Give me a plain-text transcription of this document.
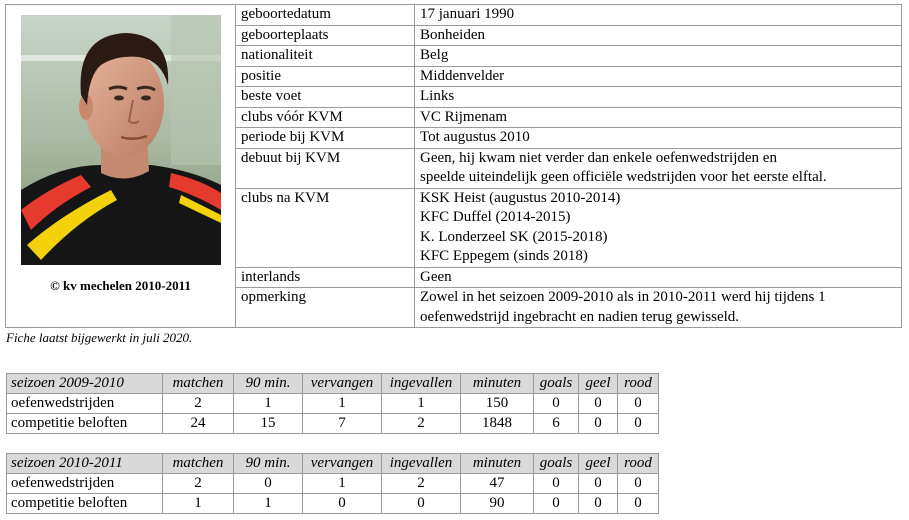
© kv mechelen 2010-2011	geboortedatum	17 januari 1990

	geboorteplaats	Bonheiden

	nationaliteit	Belg

	positie	Middenvelder

	beste voet	Links

	clubs vóór KVM	VC Rijmenam

	periode bij KVM	Tot augustus 2010

	debuut bij KVM	Geen, hij kwam niet verder dan enkele oefenwedstrijden en
speelde uiteindelijk geen officiële wedstrijden voor het eerste elftal.

	clubs na KVM	KSK Heist (augustus 2010-2014)
KFC Duffel (2014-2015)
K. Londerzeel SK (2015-2018)
KFC Eppegem (sinds 2018)

	interlands	Geen

	opmerking	Zowel in het seizoen 2009-2010 als in 2010-2011 werd hij tijdens 1
oefenwedstrijd ingebracht en nadien terug gewisseld.
Fiche laatst bijgewerkt in juli 2020.
seizoen 2009-2010	matchen	90 min.	vervangen	ingevallen	minuten	goals	geel	rood
oefenwedstrijden	2	1	1	1	150	0	0	0
competitie beloften	24	15	7	2	1848	6	0	0
seizoen 2010-2011	matchen	90 min.	vervangen	ingevallen	minuten	goals	geel	rood
oefenwedstrijden	2	0	1	2	47	0	0	0
competitie beloften	1	1	0	0	90	0	0	0
